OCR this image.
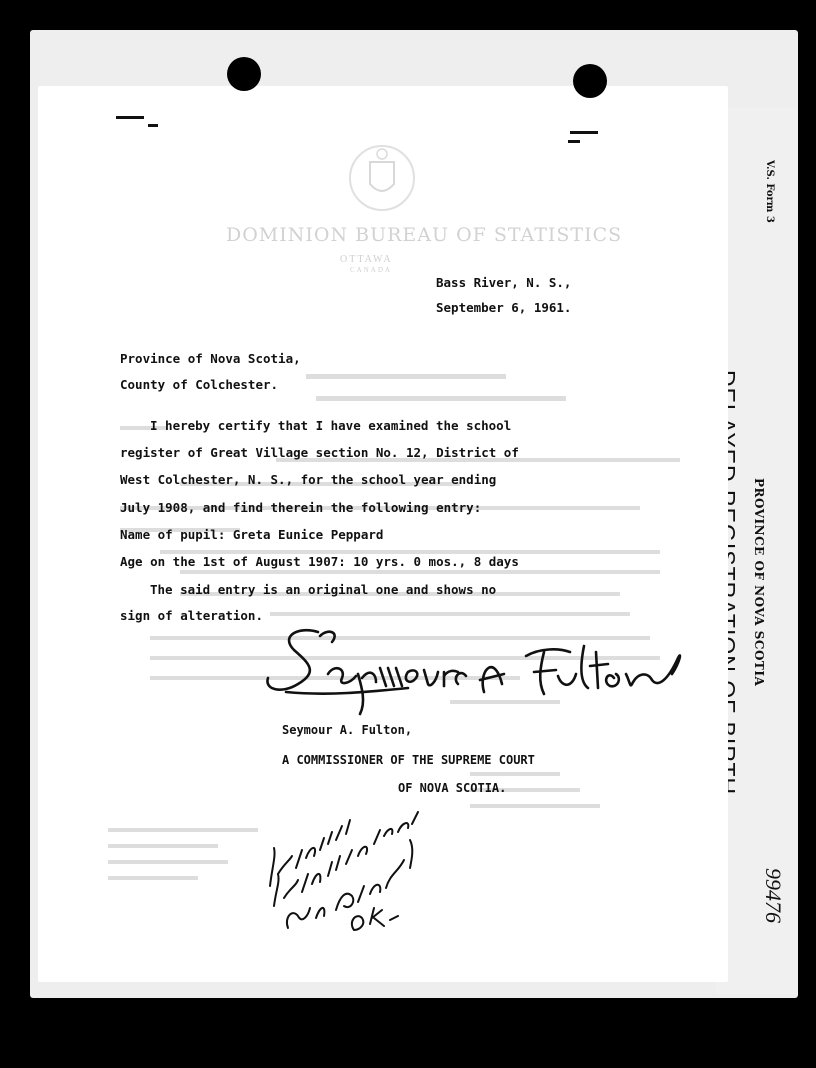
V.S. Form 3
PROVINCE OF NOVA SCOTIA
99476
DOMINION BUREAU OF STATISTICS
OTTAWA
CANADA
Bass River, N. S.,
September 6, 1961.
Province of Nova Scotia,
County of Colchester.
I hereby certify that I have examined the school
register of Great Village section No. 12, District of
West Colchester, N. S., for the school year ending
July 1908, and find therein the following entry:
Name of pupil: Greta Eunice Peppard
Age on the 1st of August 1907: 10 yrs. 0 mos., 8 days
The said entry is an original one and shows no
sign of alteration.
Seymour A. Fulton,
A COMMISSIONER OF THE SUPREME COURT
OF NOVA SCOTIA.
